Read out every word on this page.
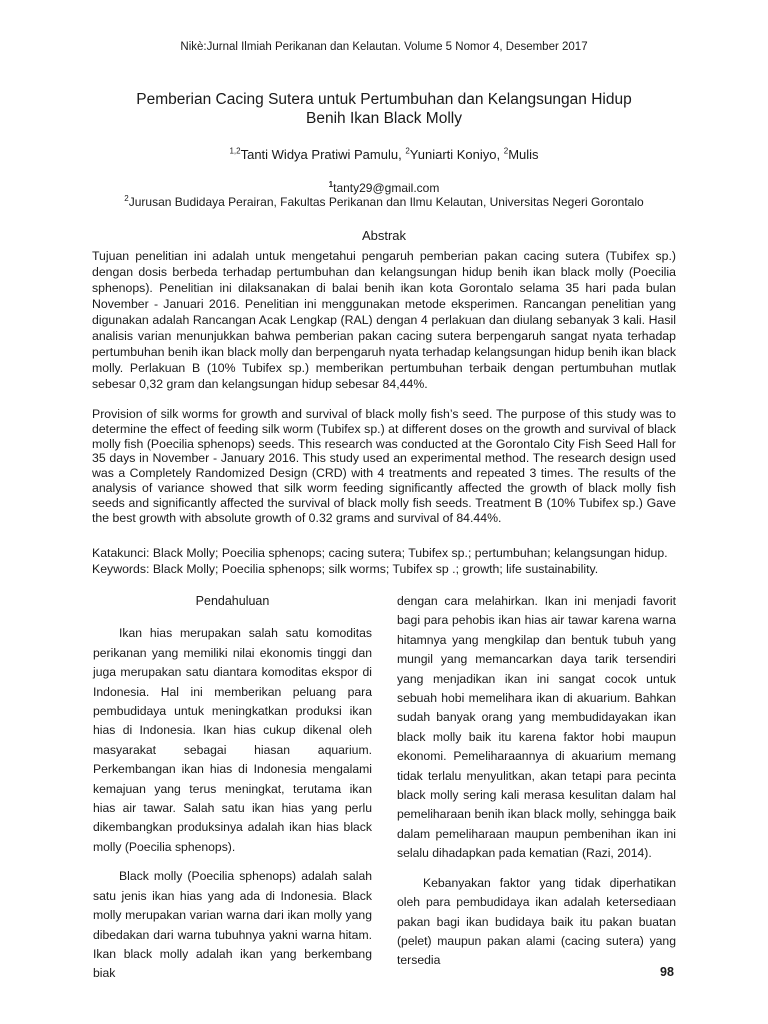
Nikè:Jurnal Ilmiah Perikanan dan Kelautan. Volume 5 Nomor 4, Desember 2017
Pemberian Cacing Sutera untuk Pertumbuhan dan Kelangsungan Hidup
Benih Ikan Black Molly
$^{1,2}$Tanti Widya Pratiwi Pamulu, $^2$Yuniarti Koniyo, $^2$Mulis
$^1$tanty29@gmail.com
$^2$Jurusan Budidaya Perairan, Fakultas Perikanan dan Ilmu Kelautan, Universitas Negeri Gorontalo
Abstrak

Tujuan penelitian ini adalah untuk mengetahui pengaruh pemberian pakan cacing sutera (Tubifex sp.) dengan dosis berbeda terhadap pertumbuhan dan kelangsungan hidup benih ikan black molly (Poecilia sphenops). Penelitian ini dilaksanakan di balai benih ikan kota Gorontalo selama 35 hari pada bulan November - Januari 2016. Penelitian ini menggunakan metode eksperimen. Rancangan penelitian yang digunakan adalah Rancangan Acak Lengkap (RAL) dengan 4 perlakuan dan diulang sebanyak 3 kali. Hasil analisis varian menunjukkan bahwa pemberian pakan cacing sutera berpengaruh sangat nyata terhadap pertumbuhan benih ikan black molly dan berpengaruh nyata terhadap kelangsungan hidup benih ikan black molly. Perlakuan B (10% Tubifex sp.) memberikan pertumbuhan terbaik dengan pertumbuhan mutlak sebesar 0,32 gram dan kelangsungan hidup sebesar 84,44%.

Provision of silk worms for growth and survival of black molly fish’s seed. The purpose of this study was to determine the effect of feeding silk worm (Tubifex sp.) at different doses on the growth and survival of black molly fish (Poecilia sphenops) seeds. This research was conducted at the Gorontalo City Fish Seed Hall for 35 days in November - January 2016. This study used an experimental method. The research design used was a Completely Randomized Design (CRD) with 4 treatments and repeated 3 times. The results of the analysis of variance showed that silk worm feeding significantly affected the growth of black molly fish seeds and significantly affected the survival of black molly fish seeds. Treatment B (10% Tubifex sp.) Gave the best growth with absolute growth of 0.32 grams and survival of 84.44%.

Katakunci: Black Molly; Poecilia sphenops; cacing sutera; Tubifex sp.; pertumbuhan; kelangsungan hidup.
Keywords: Black Molly; Poecilia sphenops; silk worms; Tubifex sp .; growth; life sustainability.
Pendahuluan

Ikan hias merupakan salah satu komoditas perikanan yang memiliki nilai ekonomis tinggi dan juga merupakan satu diantara komoditas ekspor di Indonesia. Hal ini memberikan peluang para pembudidaya untuk meningkatkan produksi ikan hias di Indonesia. Ikan hias cukup dikenal oleh masyarakat sebagai hiasan aquarium. Perkembangan ikan hias di Indonesia mengalami kemajuan yang terus meningkat, terutama ikan hias air tawar. Salah satu ikan hias yang perlu dikembangkan produksinya adalah ikan hias black molly (Poecilia sphenops).

Black molly (Poecilia sphenops) adalah salah satu jenis ikan hias yang ada di Indonesia. Black molly merupakan varian warna dari ikan molly yang dibedakan dari warna tubuhnya yakni warna hitam. Ikan black molly adalah ikan yang berkembang biak

dengan cara melahirkan. Ikan ini menjadi favorit bagi para pehobis ikan hias air tawar karena warna hitamnya yang mengkilap dan bentuk tubuh yang mungil yang memancarkan daya tarik tersendiri yang menjadikan ikan ini sangat cocok untuk sebuah hobi memelihara ikan di akuarium. Bahkan sudah banyak orang yang membudidayakan ikan black molly baik itu karena faktor hobi maupun ekonomi. Pemeliharaannya di akuarium memang tidak terlalu menyulitkan, akan tetapi para pecinta black molly sering kali merasa kesulitan dalam hal pemeliharaan benih ikan black molly, sehingga baik dalam pemeliharaan maupun pembenihan ikan ini selalu dihadapkan pada kematian (Razi, 2014).

Kebanyakan faktor yang tidak diperhatikan oleh para pembudidaya ikan adalah ketersediaan pakan bagi ikan budidaya baik itu pakan buatan (pelet) maupun pakan alami (cacing sutera) yang tersedia

98
